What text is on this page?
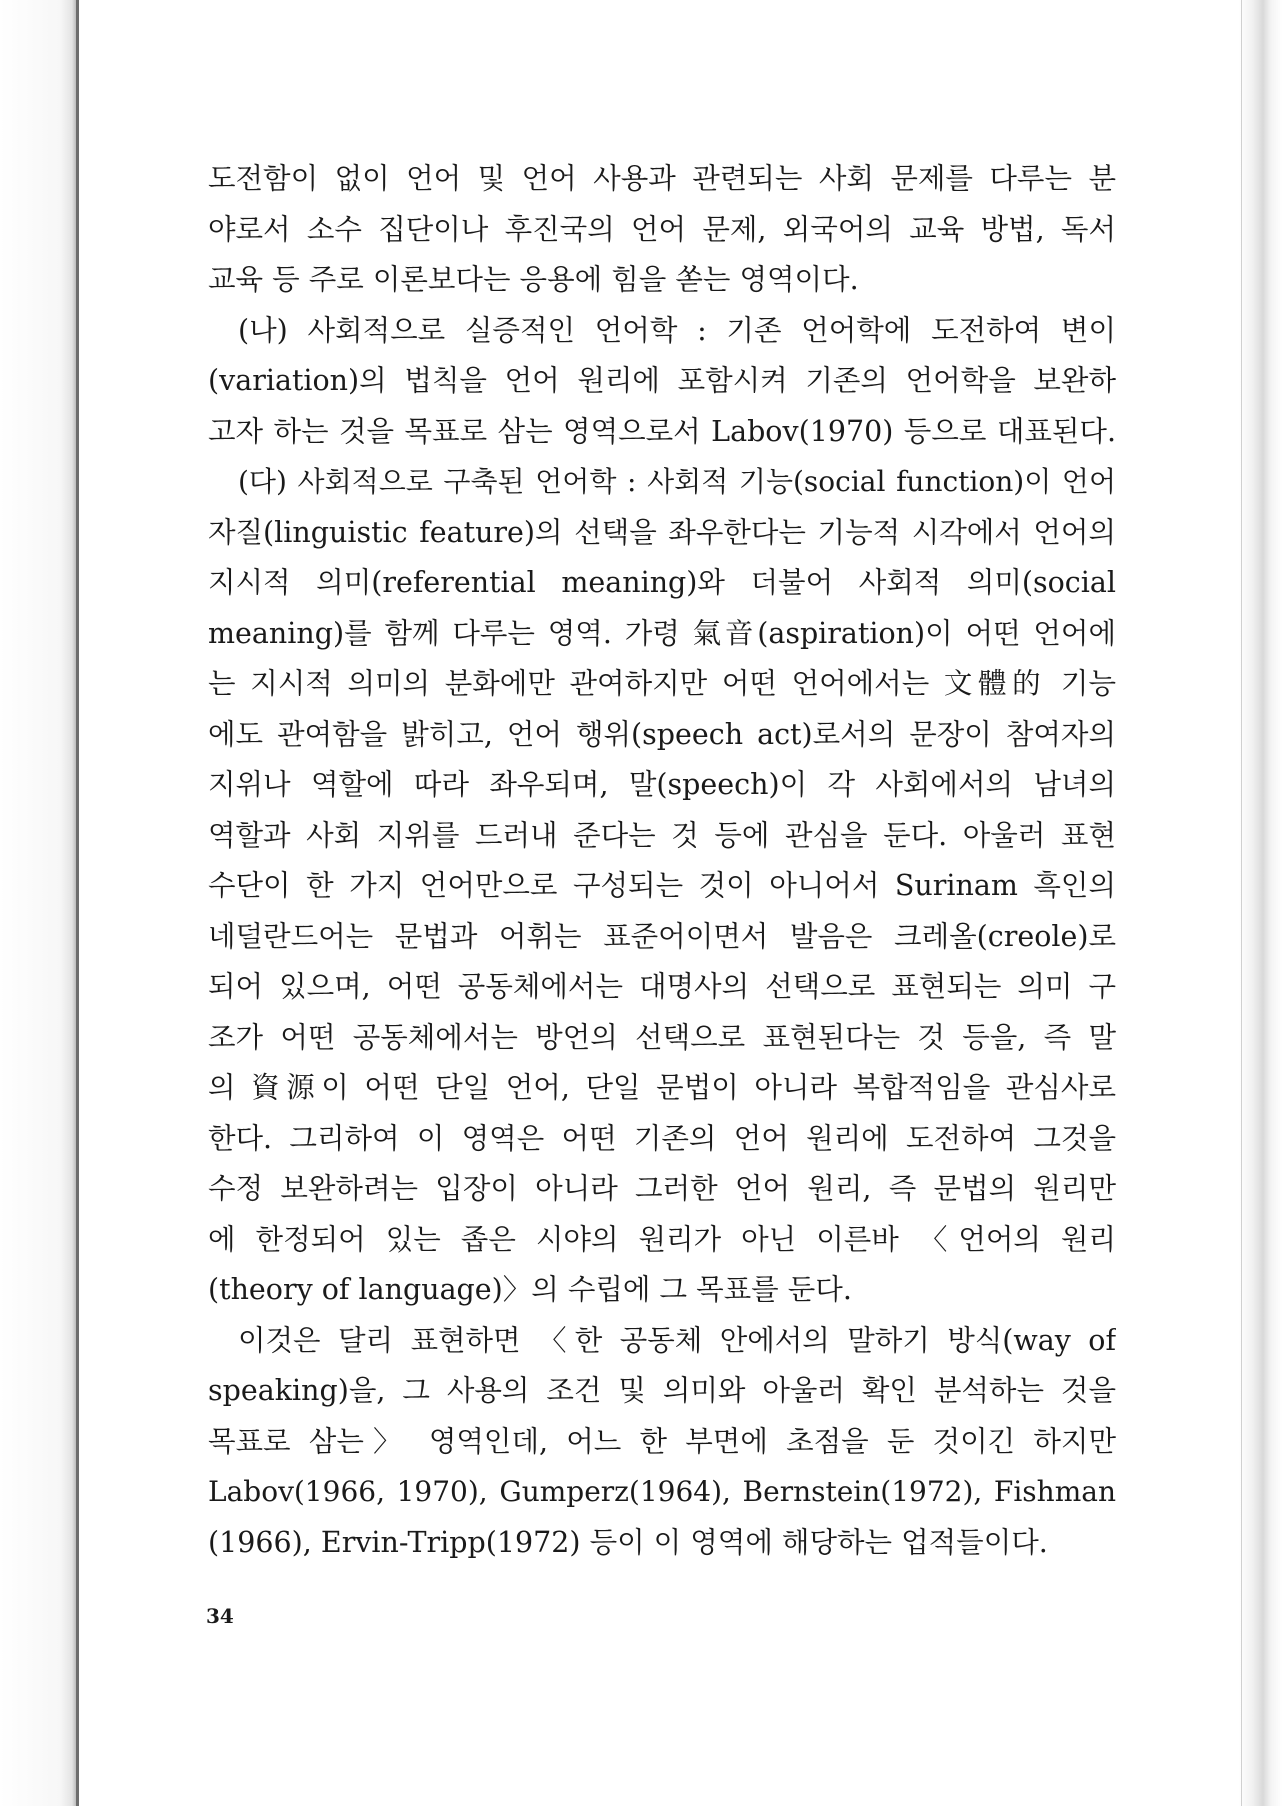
도전함이 없이 언어 및 언어 사용과 관련되는 사회 문제를 다루는 분
야로서 소수 집단이나 후진국의 언어 문제, 외국어의 교육 방법, 독서
교육 등 주로 이론보다는 응용에 힘을 쏟는 영역이다.
(나) 사회적으로 실증적인 언어학 : 기존 언어학에 도전하여 변이
(variation)의 법칙을 언어 원리에 포함시켜 기존의 언어학을 보완하
고자 하는 것을 목표로 삼는 영역으로서 Labov(1970) 등으로 대표된다.
(다) 사회적으로 구축된 언어학 : 사회적 기능(social function)이 언어
자질(linguistic feature)의 선택을 좌우한다는 기능적 시각에서 언어의
지시적 의미(referential meaning)와 더불어 사회적 의미(social
meaning)를 함께 다루는 영역. 가령 氣音(aspiration)이 어떤 언어에
는 지시적 의미의 분화에만 관여하지만 어떤 언어에서는 文體的 기능
에도 관여함을 밝히고, 언어 행위(speech act)로서의 문장이 참여자의
지위나 역할에 따라 좌우되며, 말(speech)이 각 사회에서의 남녀의
역할과 사회 지위를 드러내 준다는 것 등에 관심을 둔다. 아울러 표현
수단이 한 가지 언어만으로 구성되는 것이 아니어서 Surinam 흑인의
네덜란드어는 문법과 어휘는 표준어이면서 발음은 크레올(creole)로
되어 있으며, 어떤 공동체에서는 대명사의 선택으로 표현되는 의미 구
조가 어떤 공동체에서는 방언의 선택으로 표현된다는 것 등을, 즉 말
의 資源이 어떤 단일 언어, 단일 문법이 아니라 복합적임을 관심사로
한다. 그리하여 이 영역은 어떤 기존의 언어 원리에 도전하여 그것을
수정 보완하려는 입장이 아니라 그러한 언어 원리, 즉 문법의 원리만
에 한정되어 있는 좁은 시야의 원리가 아닌 이른바 〈언어의 원리
(theory of language)〉의 수립에 그 목표를 둔다.
이것은 달리 표현하면 〈한 공동체 안에서의 말하기 방식(way of
speaking)을, 그 사용의 조건 및 의미와 아울러 확인 분석하는 것을
목표로 삼는〉 영역인데, 어느 한 부면에 초점을 둔 것이긴 하지만
Labov(1966, 1970), Gumperz(1964), Bernstein(1972), Fishman
(1966), Ervin-Tripp(1972) 등이 이 영역에 해당하는 업적들이다.
34
